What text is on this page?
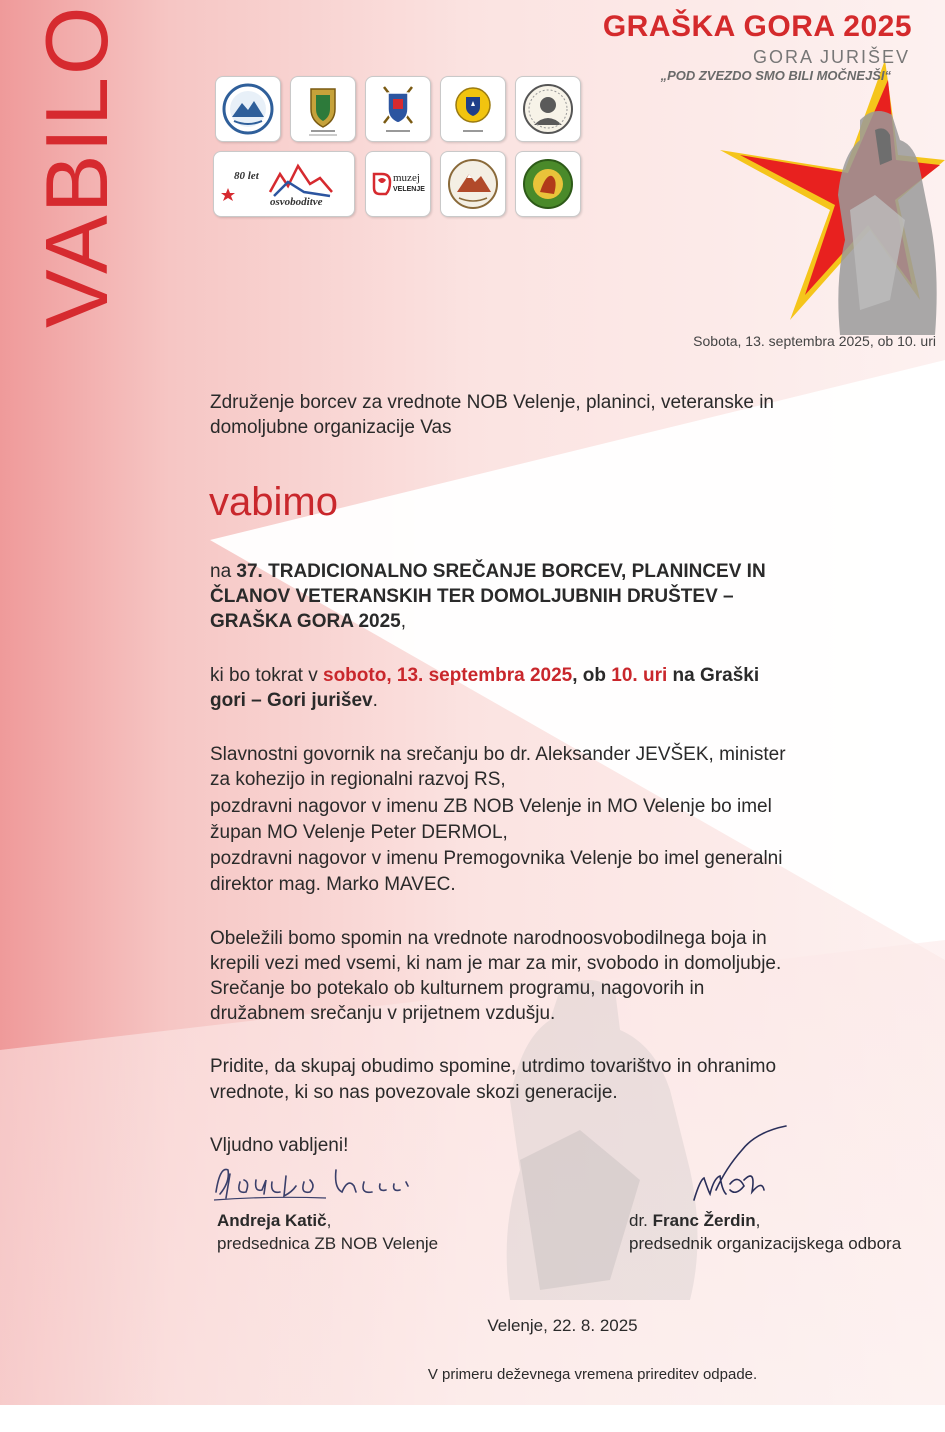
VABILO	GRAŠKA GORA 2025
GORA JURIŠEV
„POD ZVEZDO SMO BILI MOČNEJŠI“
80 let
osvoboditve
muzej
VELENJE
Sobota, 13. septembra 2025, ob 10. uri
Združenje borcev za vrednote NOB Velenje, planinci, veteranske in
domoljubne organizacije Vas
vabimo
na 37. TRADICIONALNO SREČANJE BORCEV, PLANINCEV IN
ČLANOV VETERANSKIH TER DOMOLJUBNIH DRUŠTEV –
GRAŠKA GORA 2025,
ki bo tokrat v soboto, 13. septembra 2025, ob 10. uri na Graški
gori – Gori jurišev.
Slavnostni govornik na srečanju bo dr. Aleksander JEVŠEK, minister
za kohezijo in regionalni razvoj RS,
pozdravni nagovor v imenu ZB NOB Velenje in MO Velenje bo imel
župan MO Velenje Peter DERMOL,
pozdravni nagovor v imenu Premogovnika Velenje bo imel generalni
direktor mag. Marko MAVEC.
Obeležili bomo spomin na vrednote narodnoosvobodilnega boja in
krepili vezi med vsemi, ki nam je mar za mir, svobodo in domoljubje.
Srečanje bo potekalo ob kulturnem programu, nagovorih in
družabnem srečanju v prijetnem vzdušju.
Pridite, da skupaj obudimo spomine, utrdimo tovarištvo in ohranimo
vrednote, ki so nas povezovale skozi generacije.
Vljudno vabljeni!
Andreja Katič,
predsednica ZB NOB Velenje
dr. Franc Žerdin,
predsednik organizacijskega odbora
Velenje, 22. 8. 2025
V primeru deževnega vremena prireditev odpade.
